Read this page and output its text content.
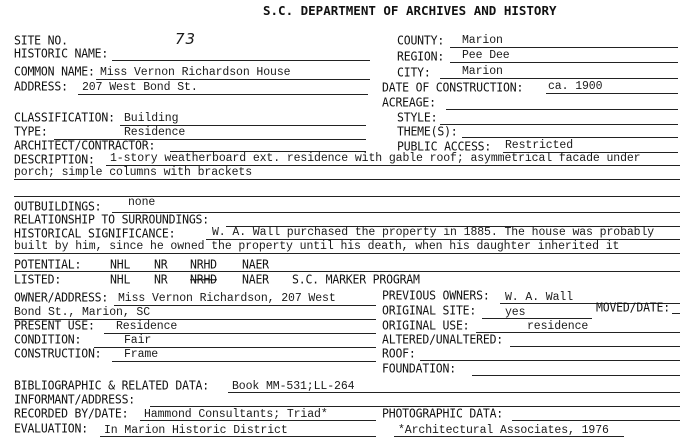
S.C. DEPARTMENT OF ARCHIVES AND HISTORY
SITE NO.	73
HISTORIC NAME:
COMMON NAME: Miss Vernon Richardson House
ADDRESS: 207 West Bond St.
COUNTY: Marion
REGION: Pee Dee
CITY:	Marion
DATE OF CONSTRUCTION: ca. 1900
ACREAGE:
CLASSIFICATION: Building
TYPE:	Residence
ARCHITECT/CONTRACTOR:
STYLE:
THEME(S):
PUBLIC ACCESS: Restricted
DESCRIPTION: 1-story weatherboard ext. residence with gable roof; asymmetrical facade under
porch; simple columns with brackets
OUTBUILDINGS: none
RELATIONSHIP TO SURROUNDINGS:
HISTORICAL SIGNIFICANCE:	W. A. Wall purchased the property in 1885. The house was probably
built by him, since he owned the property until his death, when his daughter inherited it
POTENTIAL:	NHL NR NRHD NAER
LISTED:	NHL NR NRHD NAER S.C. MARKER PROGRAM
OWNER/ADDRESS: Miss Vernon Richardson, 207 West
Bond St., Marion, SC
PREVIOUS OWNERS: W. A. Wall
ORIGINAL SITE:	yes	MOVED/DATE:
PRESENT USE: Residence	ORIGINAL USE:	residence
CONDITION:	Fair	ALTERED/UNALTERED:
CONSTRUCTION: Frame	ROOF:
FOUNDATION:
BIBLIOGRAPHIC & RELATED DATA: Book MM-531;LL-264
INFORMANT/ADDRESS:
RECORDED BY/DATE: Hammond Consultants; Triad*	PHOTOGRAPHIC DATA:
EVALUATION: In Marion Historic District	*Architectural Associates, 1976
